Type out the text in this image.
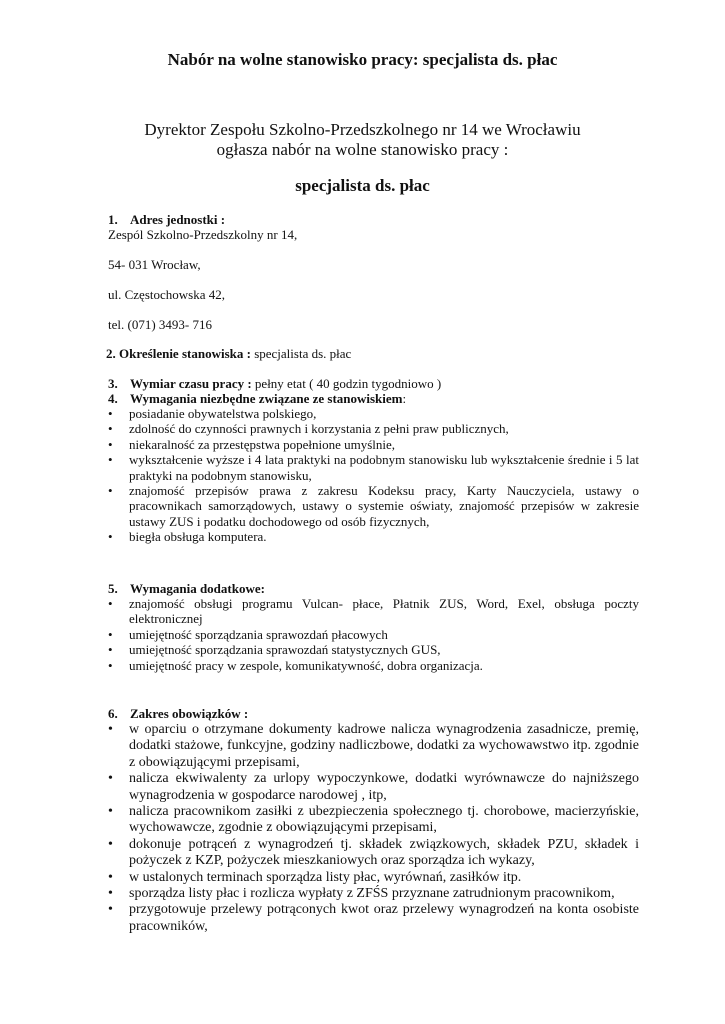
Nabór na wolne stanowisko pracy: specjalista ds. płac
Dyrektor Zespołu Szkolno-Przedszkolnego nr 14 we Wrocławiu
ogłasza nabór na wolne stanowisko pracy :
specjalista ds. płac
1. Adres jednostki :
Zespól Szkolno-Przedszkolny nr 14,
54- 031 Wrocław,
ul. Częstochowska 42,
tel. (071) 3493- 716
2. Określenie stanowiska : specjalista ds. płac
3. Wymiar czasu pracy : pełny etat ( 40 godzin tygodniowo )
4. Wymagania niezbędne związane ze stanowiskiem:
• posiadanie obywatelstwa polskiego,
• zdolność do czynności prawnych i korzystania z pełni praw publicznych,
• niekaralność za przestępstwa popełnione umyślnie,
• wykształcenie wyższe i 4 lata praktyki na podobnym stanowisku lub wykształcenie średnie i 5 lat praktyki na podobnym stanowisku,
• znajomość przepisów prawa z zakresu Kodeksu pracy, Karty Nauczyciela, ustawy o pracownikach samorządowych, ustawy o systemie oświaty, znajomość przepisów w zakresie ustawy ZUS i podatku dochodowego od osób fizycznych,
• biegła obsługa komputera.
5. Wymagania dodatkowe:
• znajomość obsługi programu Vulcan- płace, Płatnik ZUS, Word, Exel, obsługa poczty elektronicznej
• umiejętność sporządzania sprawozdań płacowych
• umiejętność sporządzania sprawozdań statystycznych GUS,
• umiejętność pracy w zespole, komunikatywność, dobra organizacja.
6. Zakres obowiązków :
• w oparciu o otrzymane dokumenty kadrowe nalicza wynagrodzenia zasadnicze, premię, dodatki stażowe, funkcyjne, godziny nadliczbowe, dodatki za wychowawstwo itp. zgodnie z obowiązującymi przepisami,
• nalicza ekwiwalenty za urlopy wypoczynkowe, dodatki wyrównawcze do najniższego wynagrodzenia w gospodarce narodowej , itp,
• nalicza pracownikom zasiłki z ubezpieczenia społecznego tj. chorobowe, macierzyńskie, wychowawcze, zgodnie z obowiązującymi przepisami,
• dokonuje potrąceń z wynagrodzeń tj. składek związkowych, składek PZU, składek i pożyczek z KZP, pożyczek mieszkaniowych oraz sporządza ich wykazy,
• w ustalonych terminach sporządza listy płac, wyrównań, zasiłków itp.
• sporządza listy płac i rozlicza wypłaty z ZFŚS przyznane zatrudnionym pracownikom,
• przygotowuje przelewy potrąconych kwot oraz przelewy wynagrodzeń na konta osobiste pracowników,
